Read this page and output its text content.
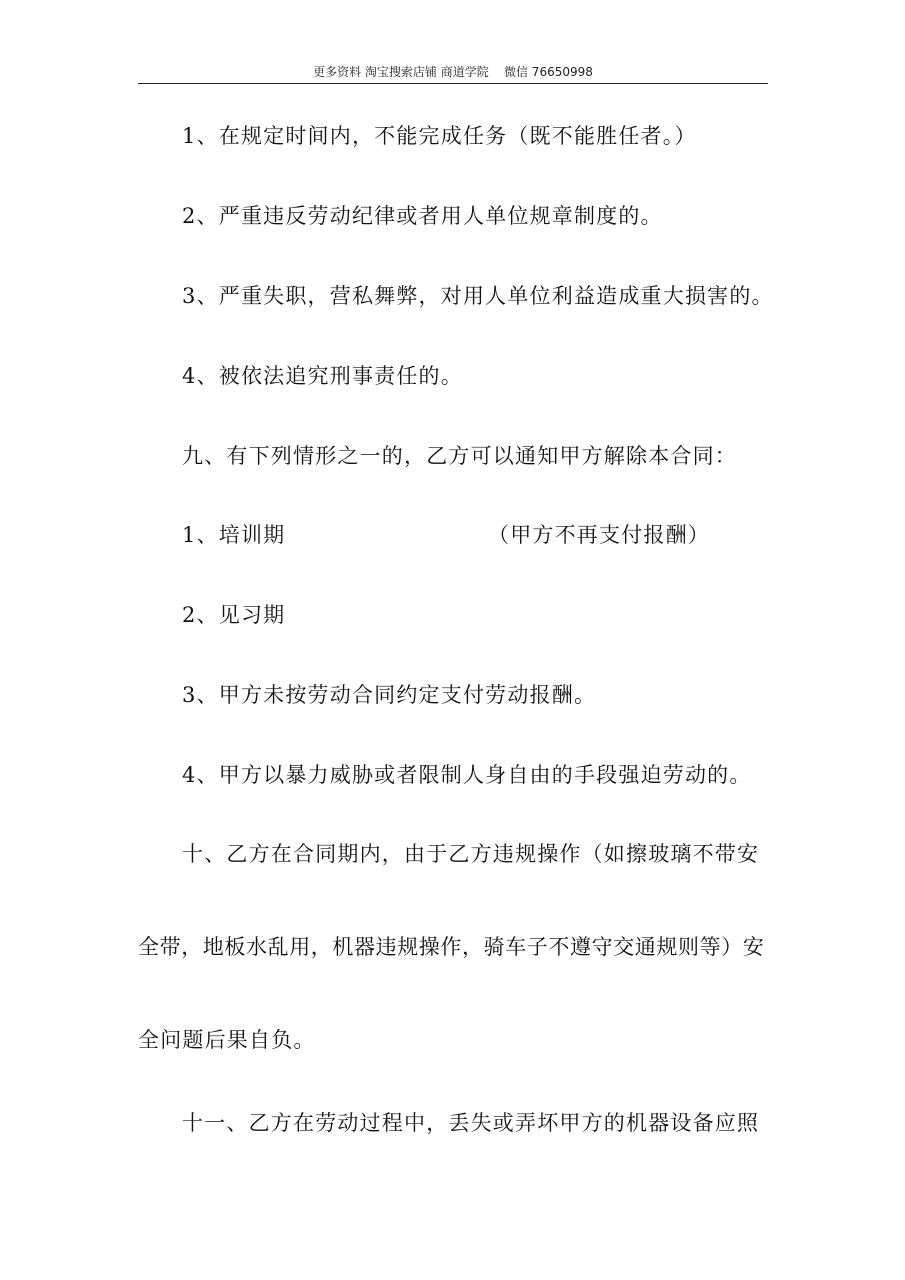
更多资料 淘宝搜索店铺 商道学院    微信 76650998
1、在规定时间内，不能完成任务（既不能胜任者。）
2、严重违反劳动纪律或者用人单位规章制度的。
3、严重失职，营私舞弊，对用人单位利益造成重大损害的。
4、被依法追究刑事责任的。
九、有下列情形之一的，乙方可以通知甲方解除本合同：
1、培训期	（甲方不再支付报酬）
2、见习期
3、甲方未按劳动合同约定支付劳动报酬。
4、甲方以暴力威胁或者限制人身自由的手段强迫劳动的。
十、乙方在合同期内，由于乙方违规操作（如擦玻璃不带安
全带，地板水乱用，机器违规操作，骑车子不遵守交通规则等）安
全问题后果自负。
十一、乙方在劳动过程中，丢失或弄坏甲方的机器设备应照
